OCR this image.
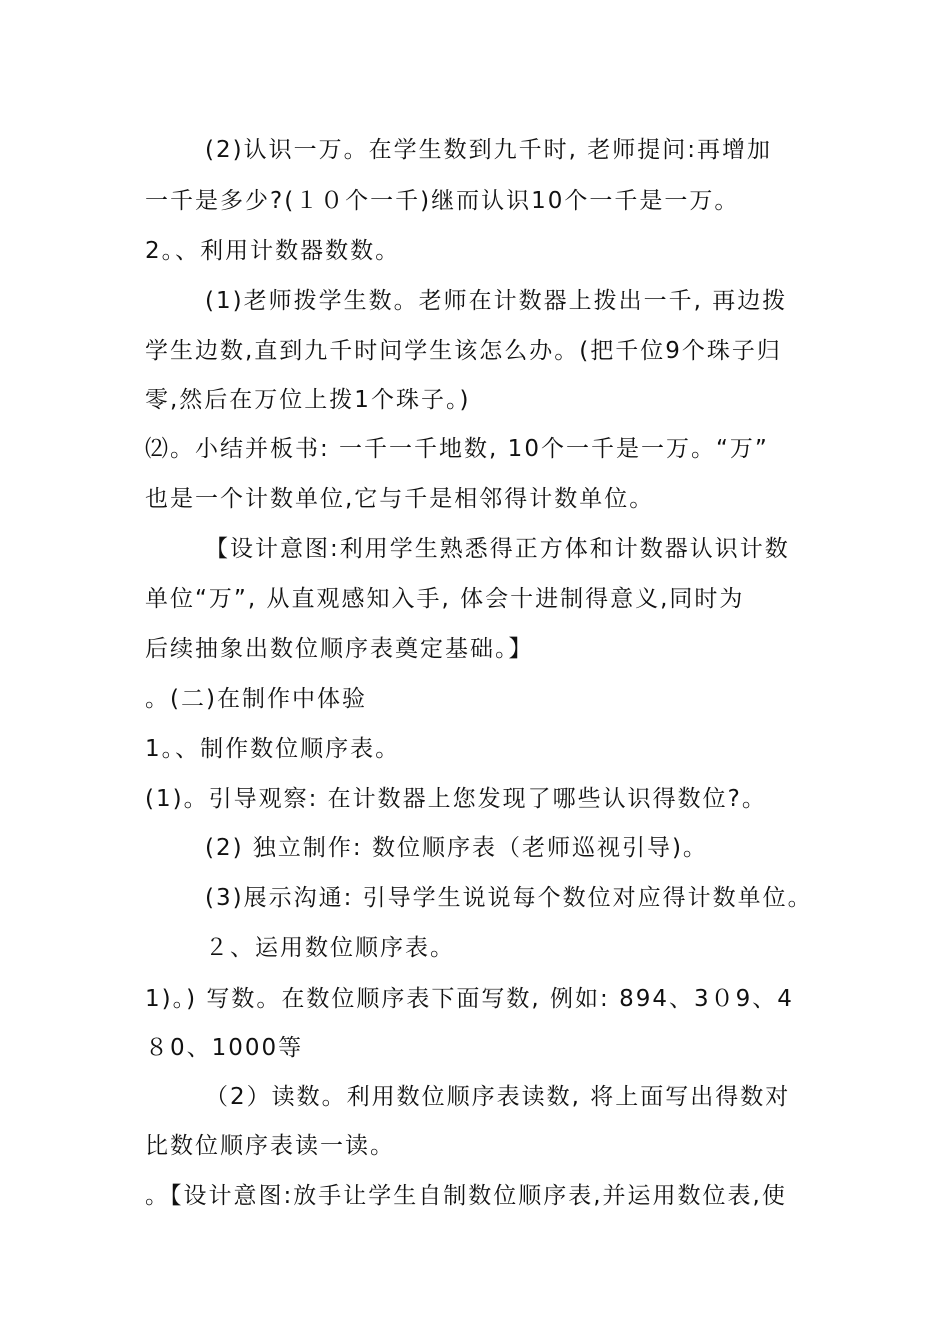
(2)认识一万。在学生数到九千时, 老师提问:再增加
一千是多少?(１０个一千)继而认识10个一千是一万。
2。、利用计数器数数。
(1)老师拨学生数。老师在计数器上拨出一千, 再边拨
学生边数,直到九千时问学生该怎么办。(把千位9个珠子归
零,然后在万位上拨1个珠子。)
⑵。小结并板书: 一千一千地数, 10个一千是一万。“万”
也是一个计数单位,它与千是相邻得计数单位。
【设计意图:利用学生熟悉得正方体和计数器认识计数
单位“万”, 从直观感知入手, 体会十进制得意义,同时为
后续抽象出数位顺序表奠定基础。】
。(二)在制作中体验
1。、制作数位顺序表。
(1)。引导观察: 在计数器上您发现了哪些认识得数位?。
(2) 独立制作: 数位顺序表（老师巡视引导)。
(3)展示沟通: 引导学生说说每个数位对应得计数单位。
２、运用数位顺序表。
1)。) 写数。在数位顺序表下面写数, 例如: 894、3０9、4
８0、1000等
（2）读数。利用数位顺序表读数, 将上面写出得数对
比数位顺序表读一读。
。【设计意图:放手让学生自制数位顺序表,并运用数位表,使
